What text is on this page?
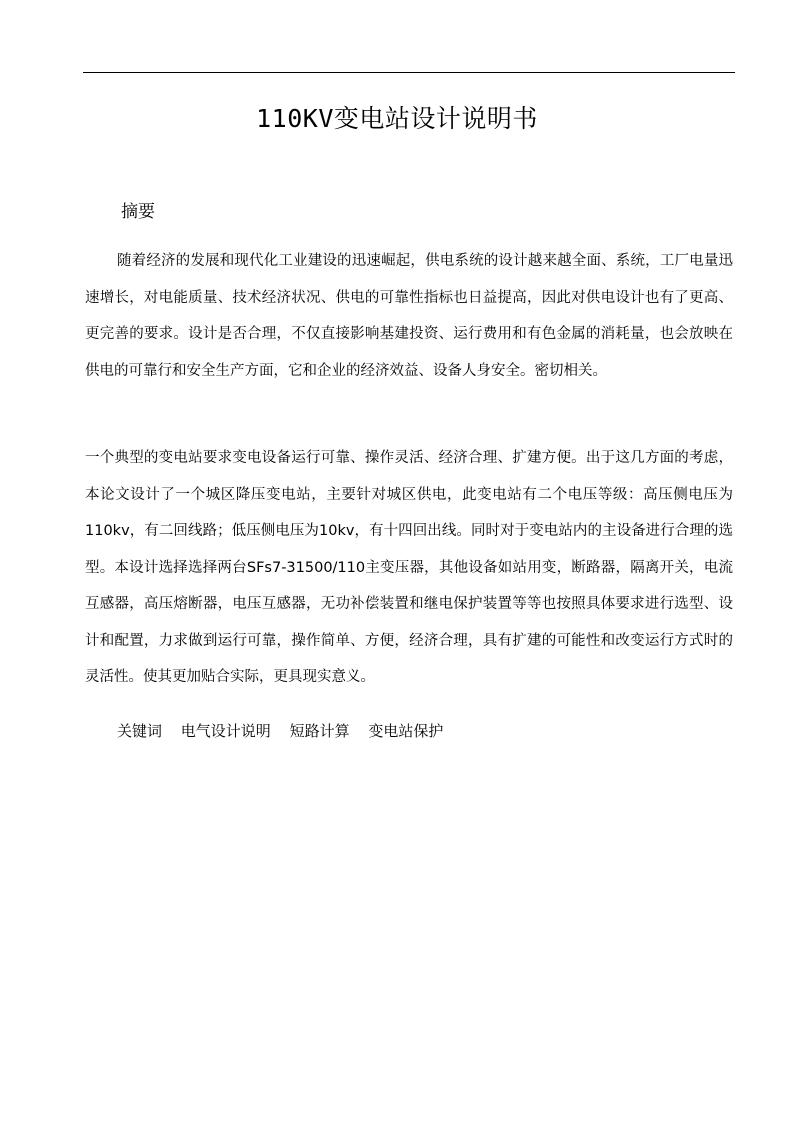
110KV变电站设计说明书
摘要

随着经济的发展和现代化工业建设的迅速崛起，供电系统的设计越来越全面、系统，工厂电量迅速增长，对电能质量、技术经济状况、供电的可靠性指标也日益提高，因此对供电设计也有了更高、更完善的要求。设计是否合理，不仅直接影响基建投资、运行费用和有色金属的消耗量，也会放映在供电的可靠行和安全生产方面，它和企业的经济效益、设备人身安全。密切相关。

一个典型的变电站要求变电设备运行可靠、操作灵活、经济合理、扩建方便。出于这几方面的考虑，本论文设计了一个城区降压变电站，主要针对城区供电，此变电站有二个电压等级：高压侧电压为110kv，有二回线路；低压侧电压为10kv，有十四回出线。同时对于变电站内的主设备进行合理的选型。本设计选择选择两台SFs7-31500/110主变压器，其他设备如站用变，断路器，隔离开关，电流互感器，高压熔断器，电压互感器，无功补偿装置和继电保护装置等等也按照具体要求进行选型、设计和配置，力求做到运行可靠，操作简单、方便，经济合理，具有扩建的可能性和改变运行方式时的灵活性。使其更加贴合实际，更具现实意义。

关键词 电气设计说明 短路计算 变电站保护
